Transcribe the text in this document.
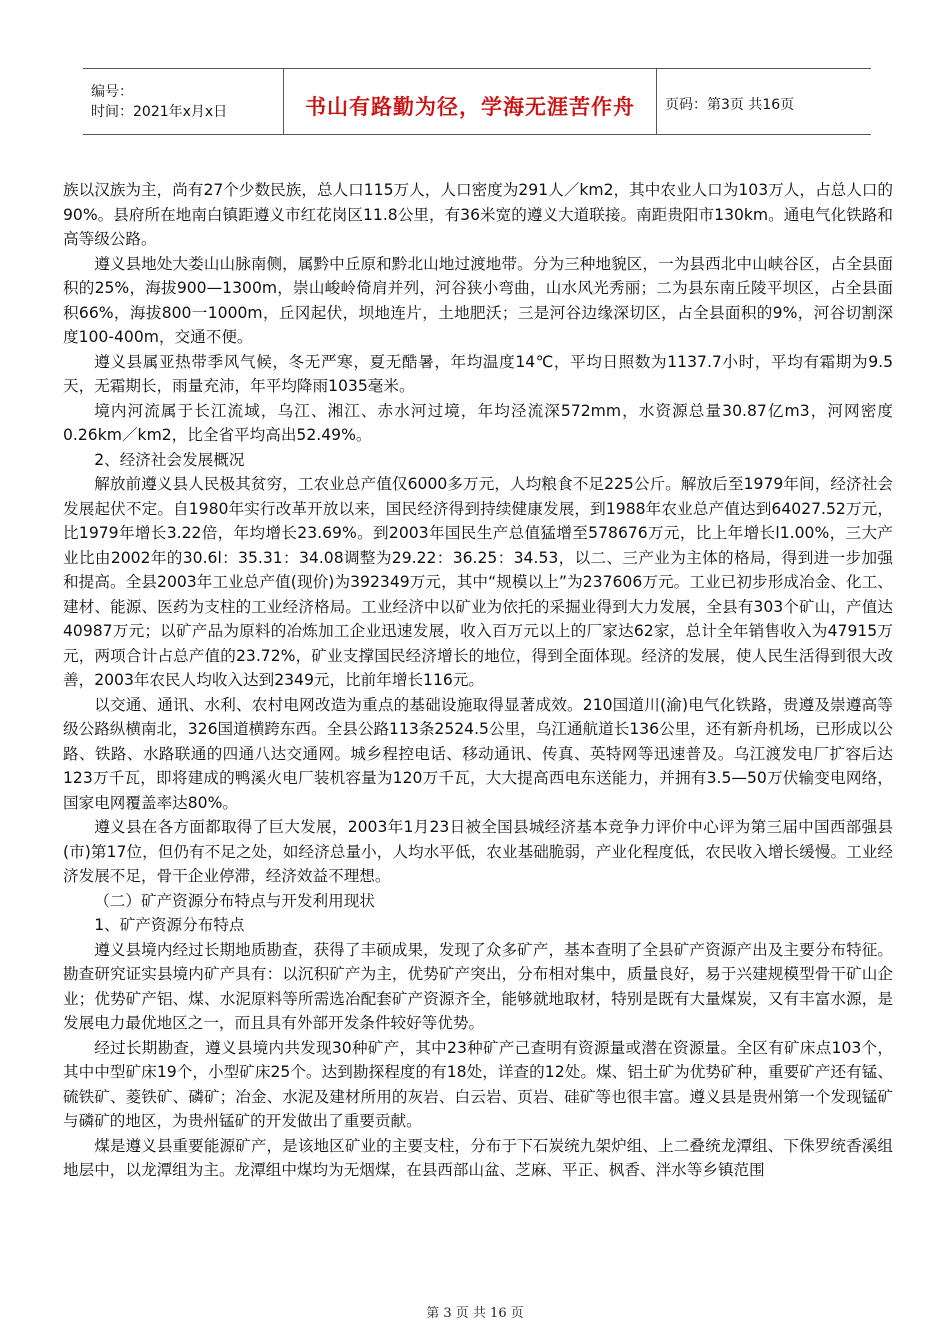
编号：
时间：2021年x月x日	书山有路勤为径，学海无涯苦作舟	页码：第3页 共16页

族以汉族为主，尚有27个少数民族，总人口115万人，人口密度为291人／km2，其中农业人口为103万人，占总人口的90%。县府所在地南白镇距遵义市红花岗区11.8公里，有36米宽的遵义大道联接。南距贵阳市130km。通电气化铁路和高等级公路。

遵义县地处大娄山山脉南侧，属黔中丘原和黔北山地过渡地带。分为三种地貌区，一为县西北中山峡谷区，占全县面积的25%，海拔900—1300m，崇山峻岭倚肩并列，河谷狭小弯曲，山水风光秀丽；二为县东南丘陵平坝区，占全县面积66%，海拔800一1000m，丘冈起伏，坝地连片，土地肥沃；三是河谷边缘深切区，占全县面积的9%，河谷切割深度100-400m，交通不便。

遵义县属亚热带季风气候，冬无严寒，夏无酷暑，年均温度14℃，平均日照数为1137.7小时，平均有霜期为9.5天，无霜期长，雨量充沛，年平均降雨1035毫米。

境内河流属于长江流域，乌江、湘江、赤水河过境，年均泾流深572mm，水资源总量30.87亿m3，河网密度0.26km／km2，比全省平均高出52.49%。

2、经济社会发展概况

解放前遵义县人民极其贫穷，工农业总产值仅6000多万元，人均粮食不足225公斤。解放后至1979年间，经济社会发展起伏不定。自1980年实行改革开放以来，国民经济得到持续健康发展，到1988年农业总产值达到64027.52万元，比1979年增长3.22倍，年均增长23.69%。到2003年国民生产总值猛增至578676万元，比上年增长l1.00%，三大产业比由2002年的30.6l：35.31：34.08调整为29.22：36.25：34.53，以二、三产业为主体的格局，得到进一步加强和提高。全县2003年工业总产值(现价)为392349万元，其中“规模以上”为237606万元。工业已初步形成冶金、化工、建材、能源、医药为支柱的工业经济格局。工业经济中以矿业为依托的采掘业得到大力发展，全县有303个矿山，产值达40987万元；以矿产品为原料的冶炼加工企业迅速发展，收入百万元以上的厂家达62家，总计全年销售收入为47915万元，两项合计占总产值的23.72%，矿业支撑国民经济增长的地位，得到全面体现。经济的发展，使人民生活得到很大改善，2003年农民人均收入达到2349元，比前年增长116元。

以交通、通讯、水利、农村电网改造为重点的基础设施取得显著成效。210国道川(渝)电气化铁路，贵遵及崇遵高等级公路纵横南北，326国道横跨东西。全县公路113条2524.5公里，乌江通航道长136公里，还有新舟机场，已形成以公路、铁路、水路联通的四通八达交通网。城乡程控电话、移动通讯、传真、英特网等迅速普及。乌江渡发电厂扩容后达123万千瓦，即将建成的鸭溪火电厂装机容量为120万千瓦，大大提高西电东送能力，并拥有3.5—50万伏输变电网络，国家电网覆盖率达80%。

遵义县在各方面都取得了巨大发展，2003年1月23日被全国县城经济基本竞争力评价中心评为第三届中国西部强县(市)第17位，但仍有不足之处，如经济总量小，人均水平低，农业基础脆弱，产业化程度低，农民收入增长缓慢。工业经济发展不足，骨干企业停滞，经济效益不理想。

（二）矿产资源分布特点与开发利用现状

1、矿产资源分布特点

遵义县境内经过长期地质勘查，获得了丰硕成果，发现了众多矿产，基本查明了全县矿产资源产出及主要分布特征。勘查研究证实县境内矿产具有：以沉积矿产为主，优势矿产突出，分布相对集中，质量良好，易于兴建规模型骨干矿山企业；优势矿产铝、煤、水泥原料等所需选冶配套矿产资源齐全，能够就地取材，特别是既有大量煤炭，又有丰富水源，是发展电力最优地区之一，而且具有外部开发条件较好等优势。

经过长期勘查，遵义县境内共发现30种矿产，其中23种矿产己查明有资源量或潜在资源量。全区有矿床点103个，其中中型矿床19个，小型矿床25个。达到勘探程度的有18处，详查的12处。煤、铝土矿为优势矿种，重要矿产还有锰、硫铁矿、菱铁矿、磷矿；冶金、水泥及建材所用的灰岩、白云岩、页岩、硅矿等也很丰富。遵义县是贵州第一个发现锰矿与磷矿的地区，为贵州锰矿的开发做出了重要贡献。

煤是遵义县重要能源矿产，是该地区矿业的主要支柱，分布于下石炭统九架炉组、上二叠统龙潭组、下侏罗统香溪组地层中，以龙潭组为主。龙潭组中煤均为无烟煤，在县西部山盆、芝麻、平正、枫香、泮水等乡镇范围

第 3 页 共 16 页
